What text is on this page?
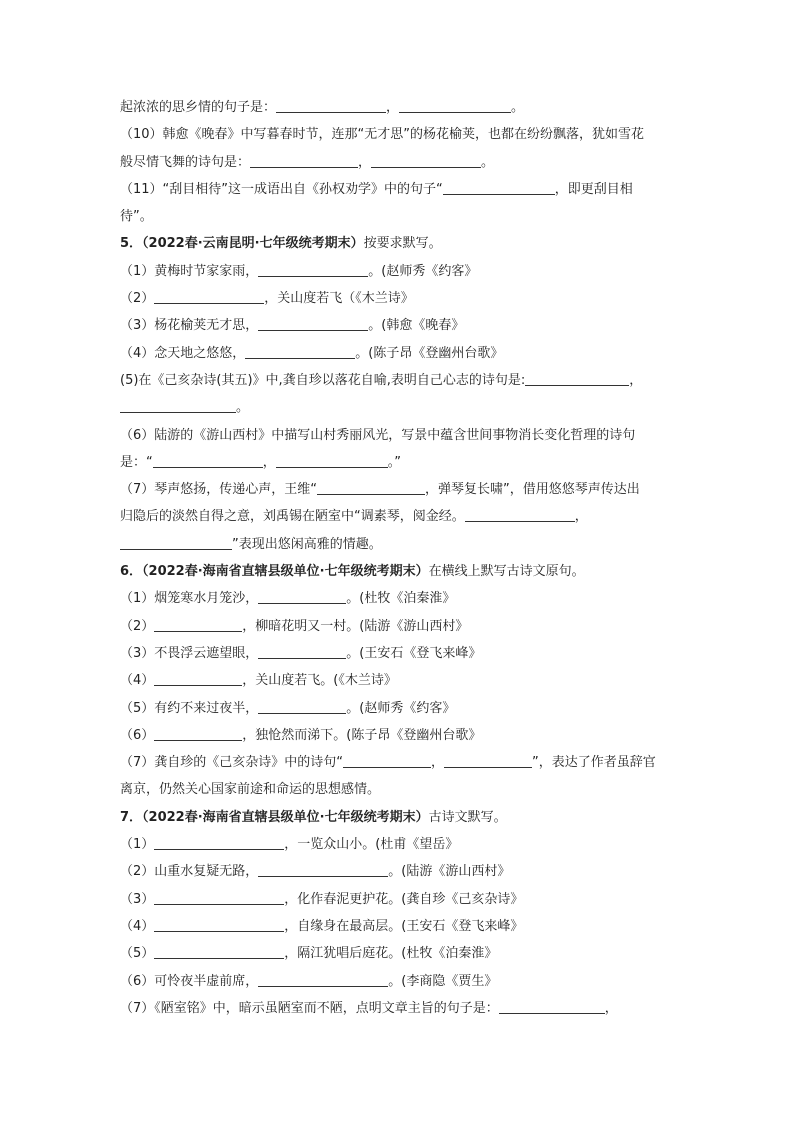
起浓浓的思乡情的句子是：	，	。
（10）韩愈《晚春》中写暮春时节，连那“无才思”的杨花榆荚，也都在纷纷飘落，犹如雪花
般尽情飞舞的诗句是：	，	。
（11）“刮目相待”这一成语出自《孙权劝学》中的句子“	，即更刮目相
待”。
5．（2022春·云南昆明·七年级统考期末）按要求默写。
（1）黄梅时节家家雨，	。(赵师秀《约客》
（2）	，关山度若飞（《木兰诗》
（3）杨花榆荚无才思，	。(韩愈《晚春》
（4）念天地之悠悠，	。(陈子昂《登幽州台歌》
(5)在《己亥杂诗(其五)》中,龚自珍以落花自喻,表明自己心志的诗句是:	，
。
（6）陆游的《游山西村》中描写山村秀丽风光，写景中蕴含世间事物消长变化哲理的诗句
是：“	，	。”
（7）琴声悠扬，传递心声，王维“	，弹琴复长啸”，借用悠悠琴声传达出
归隐后的淡然自得之意，刘禹锡在陋室中“调素琴，阅金经。	，
”表现出悠闲高雅的情趣。
6．（2022春·海南省直辖县级单位·七年级统考期末）在横线上默写古诗文原句。
（1）烟笼寒水月笼沙，	。(杜牧《泊秦淮》
（2）	，柳暗花明又一村。(陆游《游山西村》
（3）不畏浮云遮望眼，	。(王安石《登飞来峰》
（4）	，关山度若飞。(《木兰诗》
（5）有约不来过夜半，	。(赵师秀《约客》
（6）	，独怆然而涕下。(陈子昂《登幽州台歌》
（7）龚自珍的《己亥杂诗》中的诗句“	，	”，表达了作者虽辞官
离京，仍然关心国家前途和命运的思想感情。
7．（2022春·海南省直辖县级单位·七年级统考期末）古诗文默写。
（1）	，一览众山小。(杜甫《望岳》
（2）山重水复疑无路，	。(陆游《游山西村》
（3）	，化作春泥更护花。(龚自珍《己亥杂诗》
（4）	，自缘身在最高层。(王安石《登飞来峰》
（5）	，隔江犹唱后庭花。(杜牧《泊秦淮》
（6）可怜夜半虚前席，	。(李商隐《贾生》
（7）《陋室铭》中，暗示虽陋室而不陋，点明文章主旨的句子是：	，
